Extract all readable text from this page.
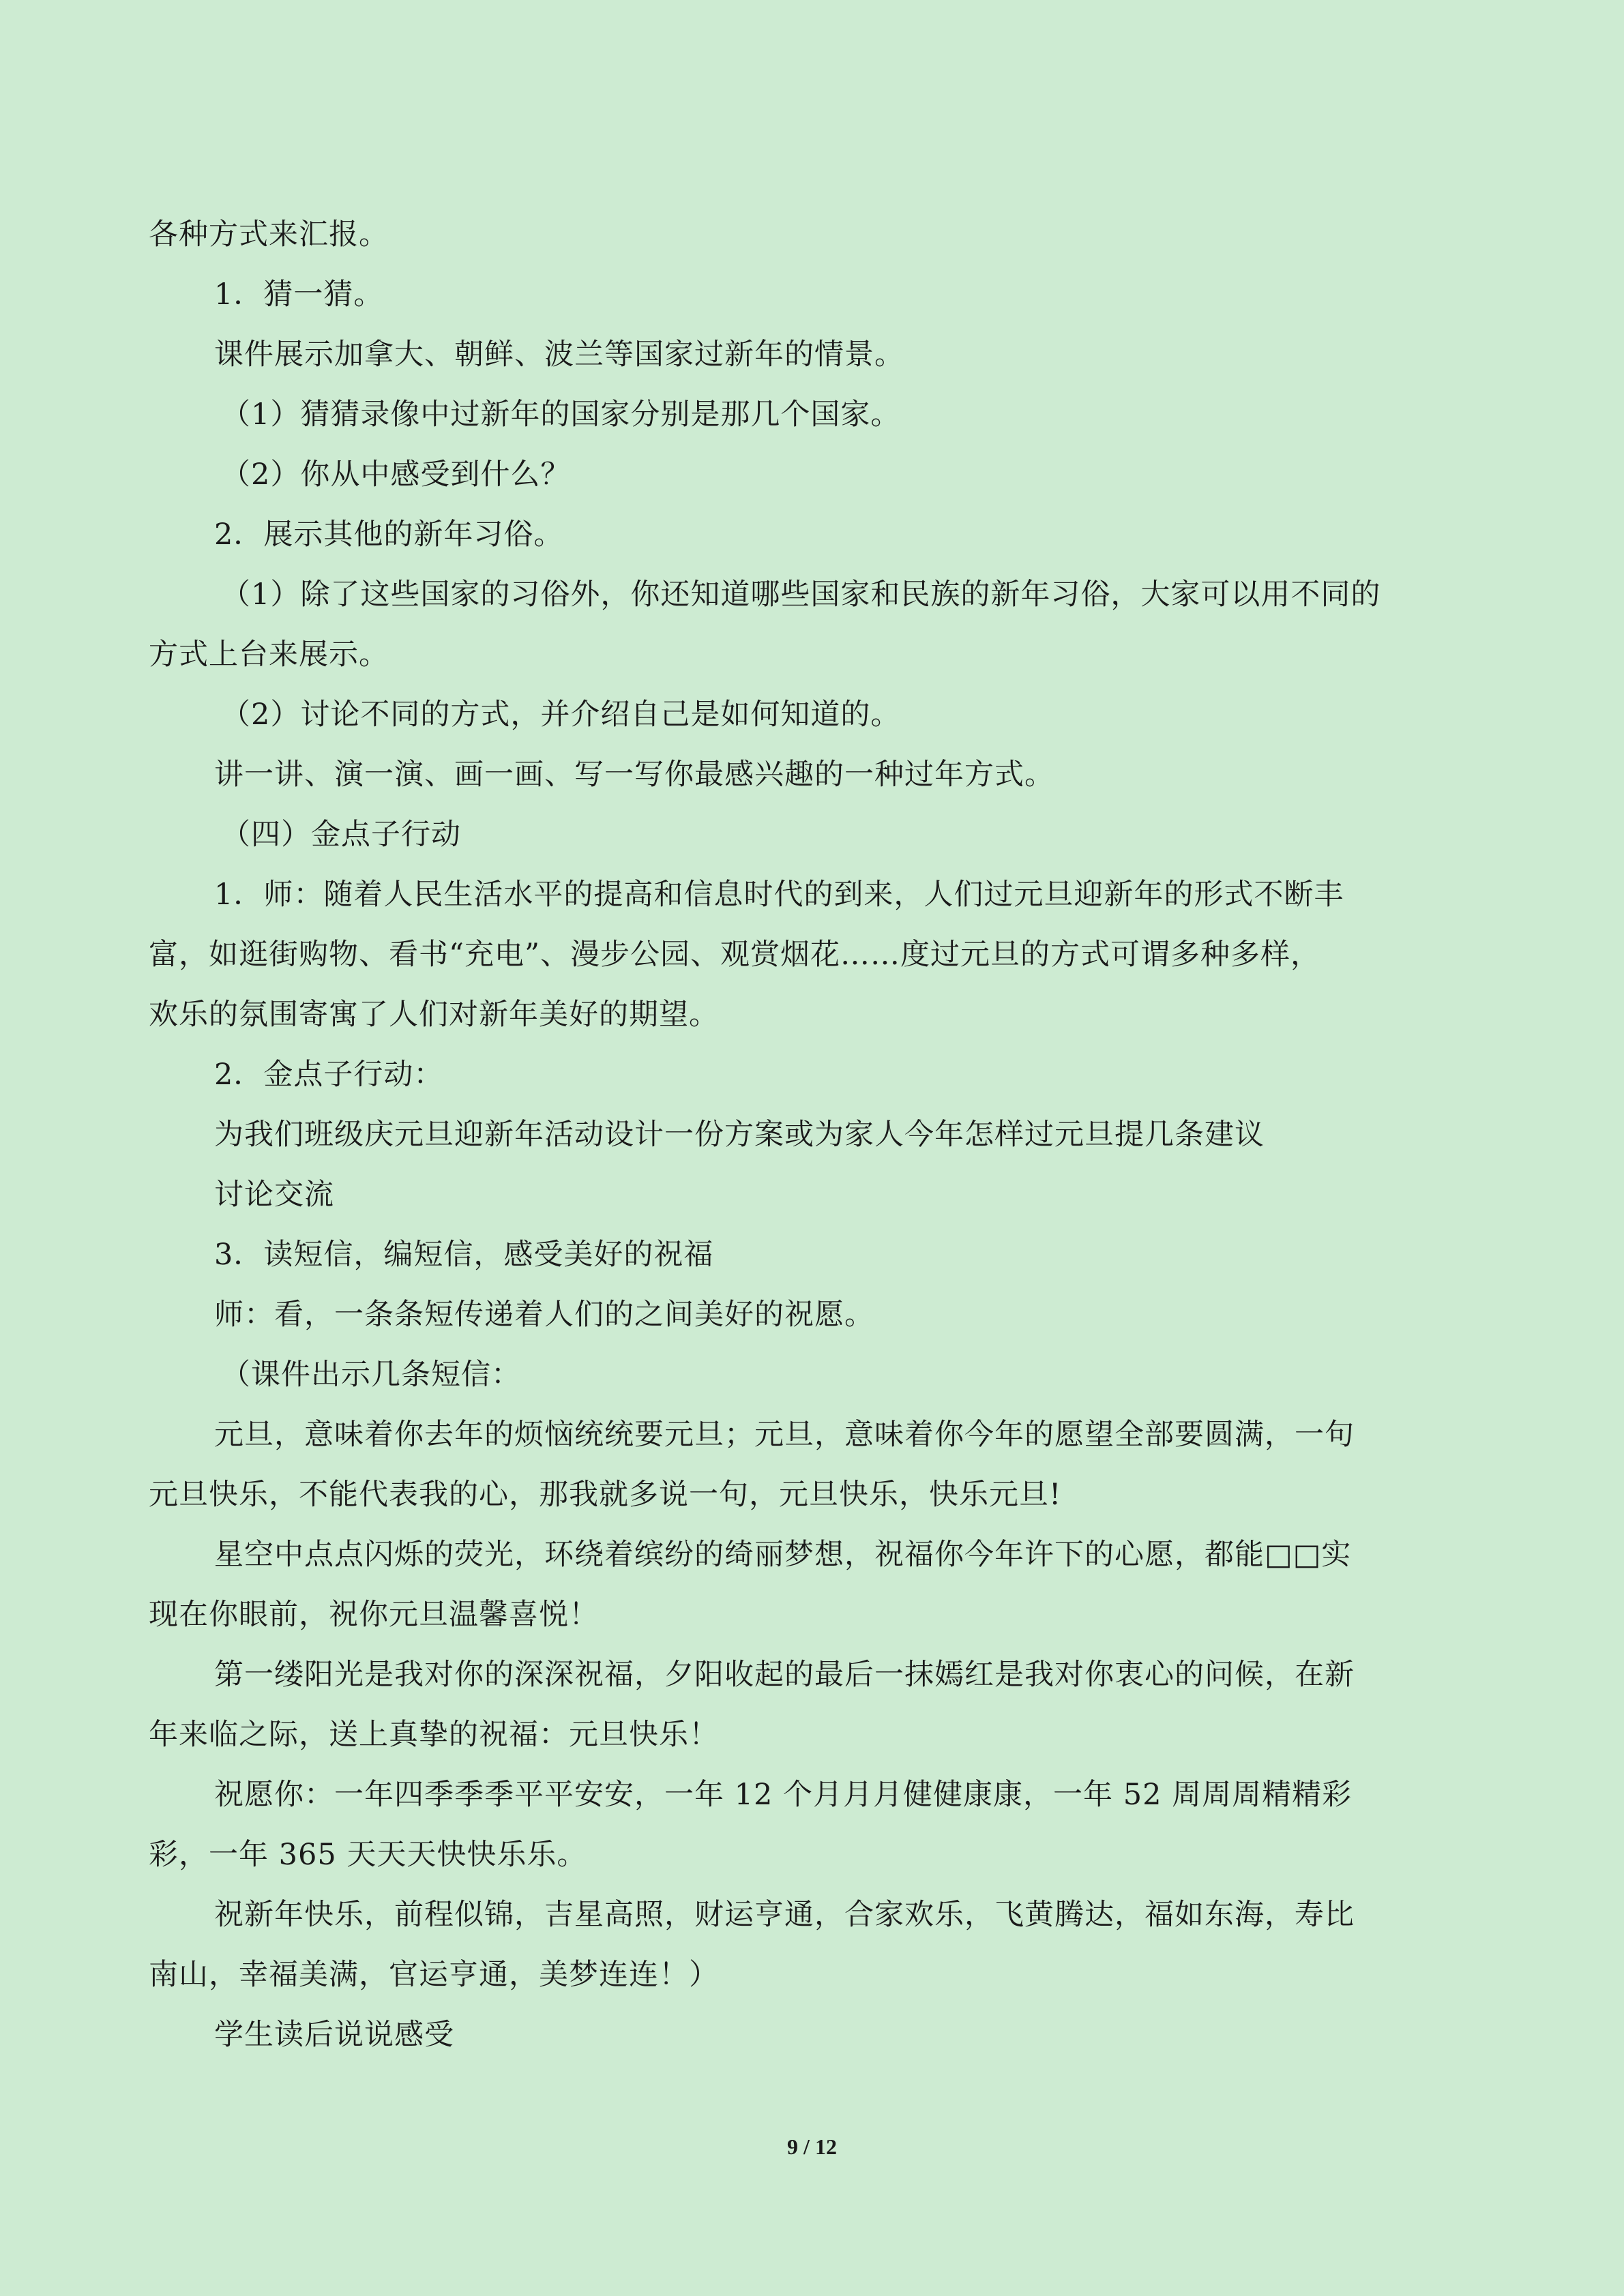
各种方式来汇报。

1．猜一猜。

课件展示加拿大、朝鲜、波兰等国家过新年的情景。

（1）猜猜录像中过新年的国家分别是那几个国家。

（2）你从中感受到什么？

2．展示其他的新年习俗。

（1）除了这些国家的习俗外，你还知道哪些国家和民族的新年习俗，大家可以用不同的

方式上台来展示。

（2）讨论不同的方式，并介绍自己是如何知道的。

讲一讲、演一演、画一画、写一写你最感兴趣的一种过年方式。

（四）金点子行动

1．师：随着人民生活水平的提高和信息时代的到来，人们过元旦迎新年的形式不断丰

富，如逛街购物、看书“充电”、漫步公园、观赏烟花……度过元旦的方式可谓多种多样，

欢乐的氛围寄寓了人们对新年美好的期望。

2．金点子行动：

为我们班级庆元旦迎新年活动设计一份方案或为家人今年怎样过元旦提几条建议

讨论交流

3．读短信，编短信，感受美好的祝福

师：看，一条条短传递着人们的之间美好的祝愿。

（课件出示几条短信：

元旦，意味着你去年的烦恼统统要元旦；元旦，意味着你今年的愿望全部要圆满，一句

元旦快乐，不能代表我的心，那我就多说一句，元旦快乐，快乐元旦!

星空中点点闪烁的荧光，环绕着缤纷的绮丽梦想，祝福你今年许下的心愿，都能□□实

现在你眼前，祝你元旦温馨喜悦！

第一缕阳光是我对你的深深祝福，夕阳收起的最后一抹嫣红是我对你衷心的问候，在新

年来临之际，送上真挚的祝福：元旦快乐！

祝愿你：一年四季季季平平安安，一年 12 个月月月健健康康，一年 52 周周周精精彩

彩，一年 365 天天天快快乐乐。

祝新年快乐，前程似锦，吉星高照，财运亨通，合家欢乐，飞黄腾达，福如东海，寿比

南山，幸福美满，官运亨通，美梦连连！）

学生读后说说感受

9 / 12
